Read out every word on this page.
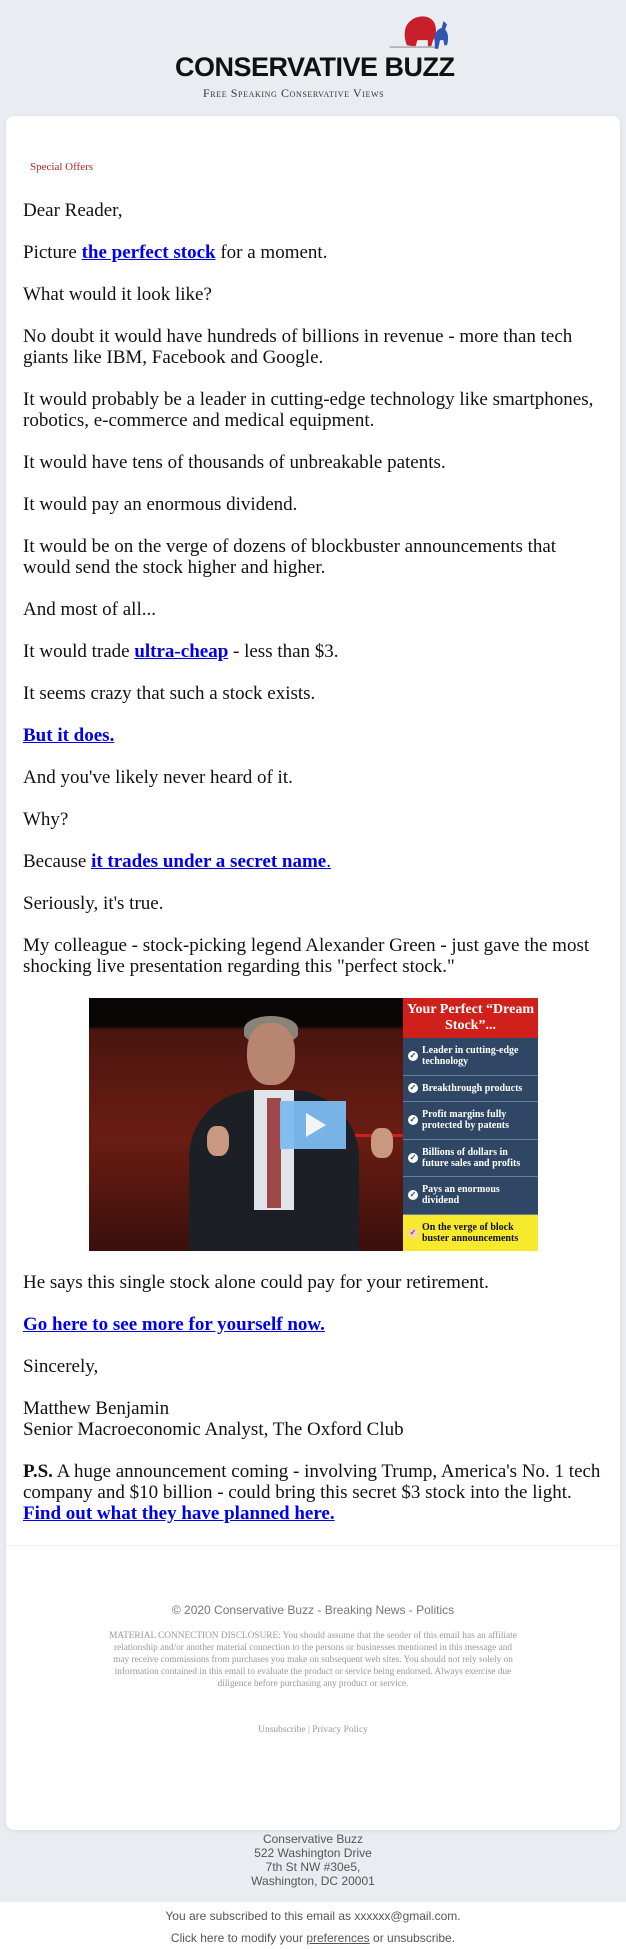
CONSERVATIVE BUZZ
Free Speaking Conservative Views
Special Offers

Dear Reader,

Picture the perfect stock for a moment.

What would it look like?

No doubt it would have hundreds of billions in revenue - more than tech giants like IBM, Facebook and Google.

It would probably be a leader in cutting-edge technology like smartphones, robotics, e-commerce and medical equipment.

It would have tens of thousands of unbreakable patents.

It would pay an enormous dividend.

It would be on the verge of dozens of blockbuster announcements that would send the stock higher and higher.

And most of all...

It would trade ultra-cheap - less than $3.

It seems crazy that such a stock exists.

But it does.

And you've likely never heard of it.

Why?

Because it trades under a secret name.

Seriously, it's true.

My colleague - stock-picking legend Alexander Green - just gave the most shocking live presentation regarding this "perfect stock."

Your Perfect “Dream Stock”...
✓ Leader in cutting-edge technology
✓ Breakthrough products
✓ Profit margins fully protected by patents
✓ Billions of dollars in future sales and profits
✓ Pays an enormous dividend
✓ On the verge of block buster announcements

He says this single stock alone could pay for your retirement.

Go here to see more for yourself now.

Sincerely,

Matthew Benjamin
Senior Macroeconomic Analyst, The Oxford Club

P.S. A huge announcement coming - involving Trump, America's No. 1 tech company and $10 billion - could bring this secret $3 stock into the light. Find out what they have planned here.

© 2020 Conservative Buzz - Breaking News - Politics
MATERIAL CONNECTION DISCLOSURE: You should assume that the sender of this email has an affiliate relationship and/or another material connection to the persons or businesses mentioned in this message and may receive commissions from purchases you make on subsequent web sites. You should not rely solely on information contained in this email to evaluate the product or service being endorsed. Always exercise due diligence before purchasing any product or service.
Unsubscribe | Privacy Policy
Conservative Buzz
522 Washington Drive
7th St NW #30e5,
Washington, DC 20001
You are subscribed to this email as xxxxxx@gmail.com.
Click here to modify your preferences or unsubscribe.
